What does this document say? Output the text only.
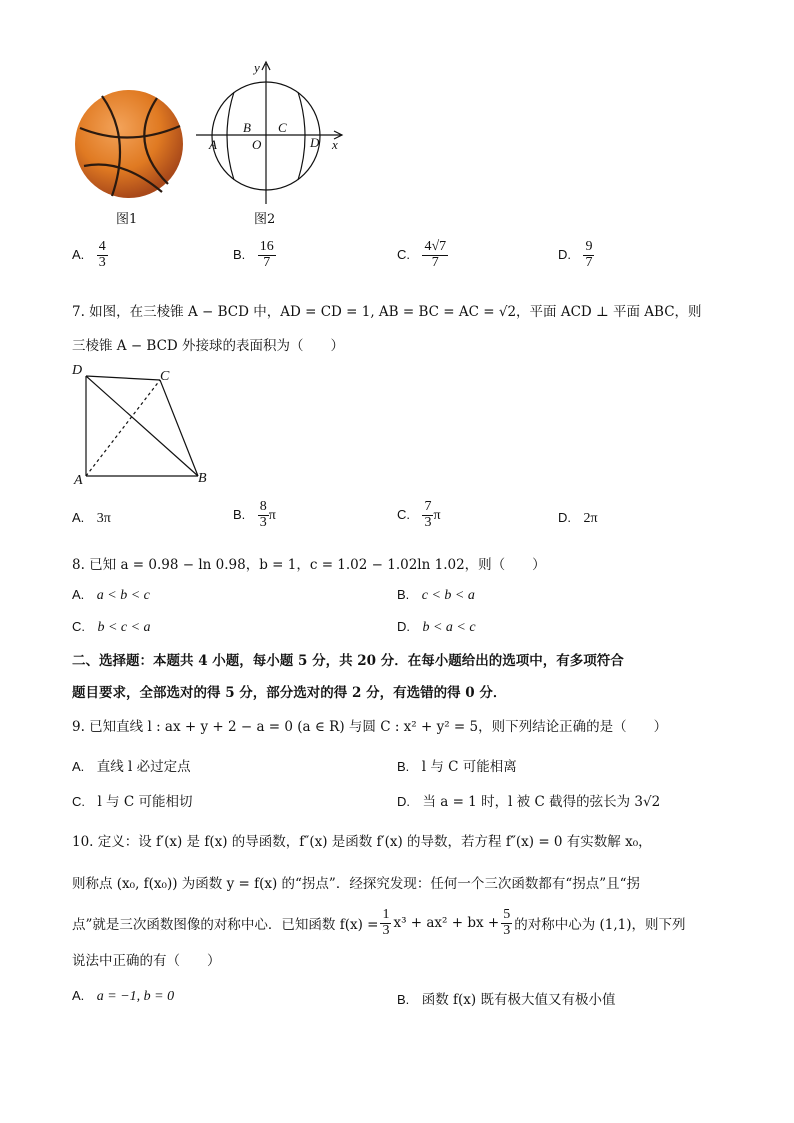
图1
y
x
A
B C
O	D
图2
A. $\frac{4}{3}$	B. $\frac{16}{7}$	C. $\frac{4√7}{7}$	D. $\frac{9}{7}$
7. 如图，在三棱锥 A − BCD 中，AD = CD = 1, AB = BC = AC = √2，平面 ACD ⊥ 平面 ABC，则
三棱锥 A − BCD 外接球的表面积为（　　）
D	C
A	B
A. 3π	B. $\frac{8}{3}$ π	C. $\frac{7}{3}$ π	D. 2π
8. 已知 a = 0.98 − ln 0.98，b = 1，c = 1.02 − 1.02ln 1.02，则（　　）
A. a < b < c	B. c < b < a
C. b < c < a	D. b < a < c
二、选择题：本题共 4 小题，每小题 5 分，共 20 分．在每小题给出的选项中，有多项符合
题目要求，全部选对的得 5 分，部分选对的得 2 分，有选错的得 0 分．
9. 已知直线 l : ax + y + 2 − a = 0 (a ∈ R) 与圆 C : x² + y² = 5，则下列结论正确的是（　　）
A. 直线 l 必过定点	B. l 与 C 可能相离
C. l 与 C 可能相切	D. 当 a = 1 时，l 被 C 截得的弦长为 3√2
10. 定义：设 f′(x) 是 f(x) 的导函数，f″(x) 是函数 f′(x) 的导数，若方程 f″(x) = 0 有实数解 x₀，
则称点 (x₀, f(x₀)) 为函数 y = f(x) 的“拐点”．经探究发现：任何一个三次函数都有“拐点”且“拐
点”就是三次函数图像的对称中心．已知函数 $f(x) = \frac{1}{3} x^3 + ax^2$ + bx + $\frac{5}{3}$ 的对称中心为 (1,1)，则下列
说法中正确的有（　　）
A. a = −1, b = 0	B. 函数 f(x) 既有极大值又有极小值
